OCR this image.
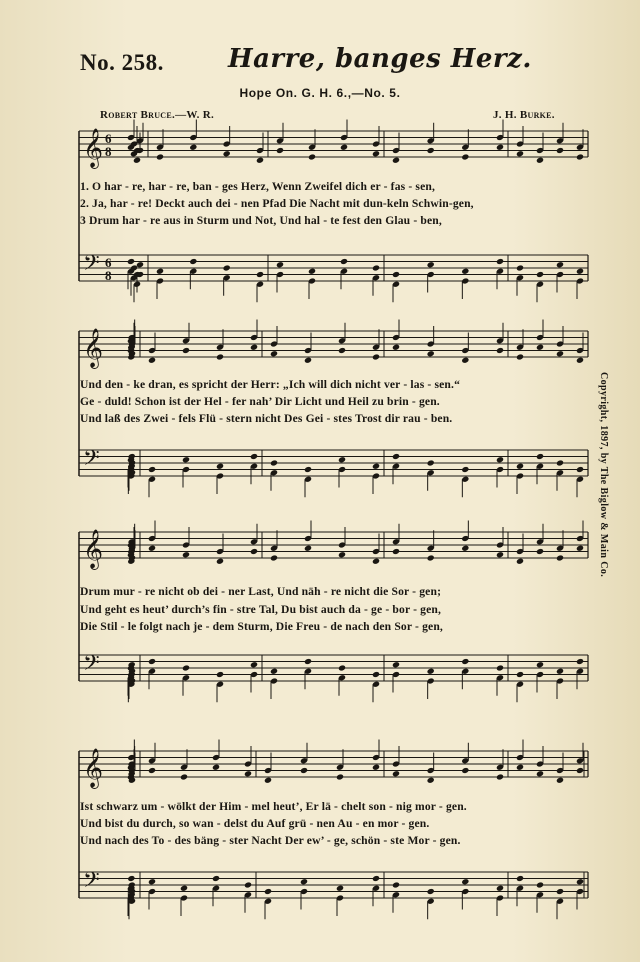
No. 258. Harre, banges Herz.
Hope On. G. H. 6.,—No. 5.
Robert Bruce.—W. R.	J. H. Burke.
𝄞 6
8
𝄢 6
8
𝄞
𝄢
𝄞
𝄢
𝄞
𝄢
1. O har - re, har - re, ban - ges Herz, Wenn Zweifel dich er - fas - sen,
2. Ja, har - re! Deckt auch dei - nen Pfad Die Nacht mit dun-keln Schwin-gen,
3 Drum har - re aus in Sturm und Not, Und hal - te fest den Glau - ben,
Und den - ke dran, es spricht der Herr: „Ich will dich nicht ver - las - sen.“
Ge - duld! Schon ist der Hel - fer nah’ Dir Licht und Heil zu brin - gen.
Und laß des Zwei - fels Flü - stern nicht Des Gei - stes Trost dir rau - ben.
Drum mur - re nicht ob dei - ner Last, Und näh - re nicht die Sor - gen;
Und geht es heut’ durch’s fin - stre Tal, Du bist auch da - ge - bor - gen,
Die Stil - le folgt nach je - dem Sturm, Die Freu - de nach den Sor - gen,
Ist schwarz um - wölkt der Him - mel heut’, Er lä - chelt son - nig mor - gen.
Und bist du durch, so wan - delst du Auf grü - nen Au - en mor - gen.
Und nach des To - des bäng - ster Nacht Der ew’ - ge, schön - ste Mor - gen.
Copyright, 1897, by The Biglow & Main Co.
